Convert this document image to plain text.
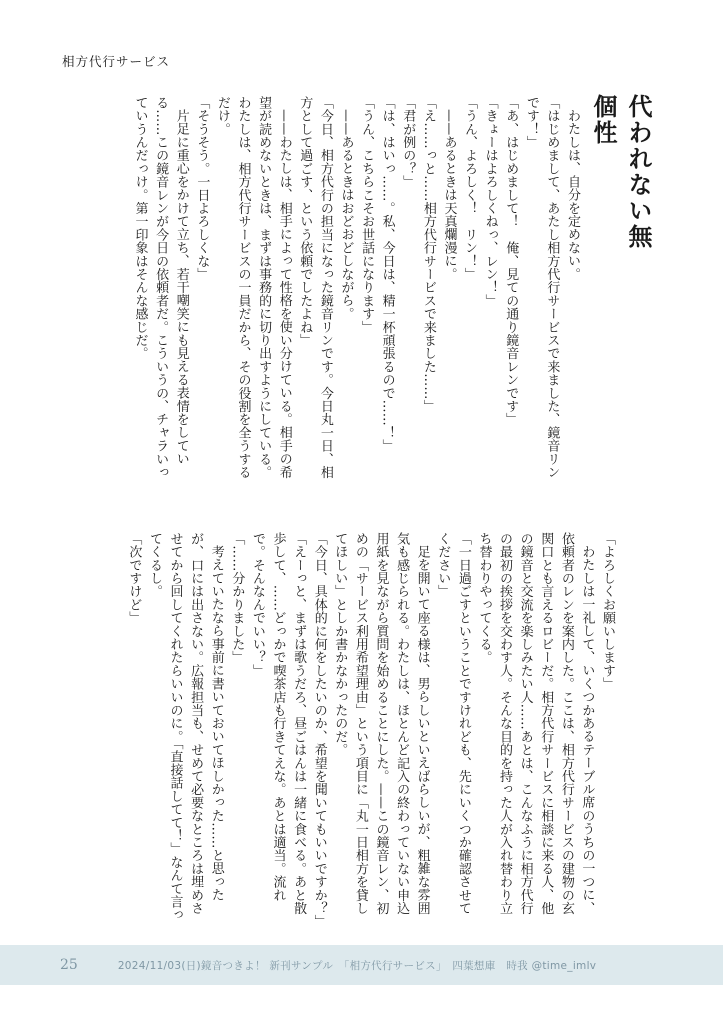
相方代行サービス
代われない無個性

わたしは、自分を定めない。

「はじめまして、あたし相方代行サービスで来ました、鏡音リンです！」

「あ、はじめまして！　俺、見ての通り鏡音レンです」

「きょーはよろしくねっ、レン！」

「うん、よろしく！　リン！」

——あるときは天真爛漫に。

「え……っと……相方代行サービスで来ました……」

「君が例の？」

「は、はいっ……。私、今日は、精一杯頑張るので……！」

「うん、こちらこそお世話になります」

——あるときはおどおどしながら。

「今日、相方代行の担当になった鏡音リンです。今日丸一日、相方として過ごす、という依頼でしたよね」

——わたしは、相手によって性格を使い分けている。相手の希望が読めないときは、まずは事務的に切り出すようにしている。わたしは、相方代行サービスの一員だから、その役割を全うするだけ。

「そうそう。一日よろしくな」

片足に重心をかけて立ち、若干嘲笑にも見える表情をしている……この鏡音レンが今日の依頼者だ。こういうの、チャラいっていうんだっけ。第一印象はそんな感じだ。

「よろしくお願いします」

わたしは一礼して、いくつかあるテーブル席のうちの一つに、依頼者のレンを案内した。ここは、相方代行サービスの建物の玄関口とも言えるロビーだ。相方代行サービスに相談に来る人、他の鏡音と交流を楽しみたい人……あとは、こんなふうに相方代行の最初の挨拶を交わす人。そんな目的を持った人が入れ替わり立ち替わりやってくる。

「一日過ごすということですけれども、先にいくつか確認させてください」

足を開いて座る様は、男らしいといえばらしいが、粗雑な雰囲気も感じられる。わたしは、ほとんど記入の終わっていない申込用紙を見ながら質問を始めることにした。——この鏡音レン、初めの「サービス利用希望理由」という項目に「丸一日相方を貸してほしい」としか書かなかったのだ。

「今日、具体的に何をしたいのか、希望を聞いてもいいですか？」

「えーっと、まずは歌うだろ、昼ごはんは一緒に食べる。あと散歩して、……どっかで喫茶店も行きてえな。あとは適当。流れで。そんなんでいい？」

「……分かりました」

考えていたなら事前に書いておいてほしかった……と思ったが、口には出さない。広報担当も、せめて必要なところは埋めさせてから回してくれたらいいのに。「直接話してて！」なんて言ってくるし。

「次ですけど」

25	2024/11/03(日)鏡音つきよ！ 新刊サンプル　「相方代行サービス」　四葉想庫　時我 @time_imlv
